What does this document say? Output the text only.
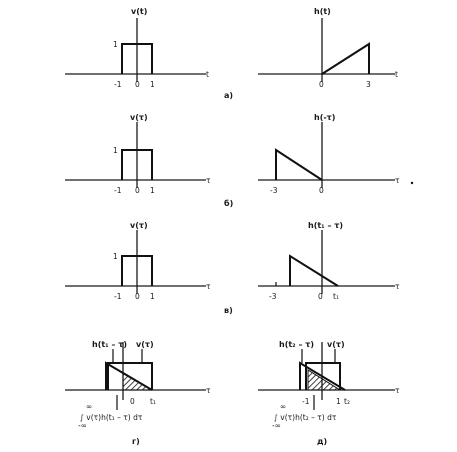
v(t)
1
t
-1 0 1
h(t)
t
0	3
a)
v(τ)
1
τ
-1 0 1
h(-τ)
τ
-3	0
б)
v(τ)
1
τ
-1 0 1
h(t₁ – τ)
τ
-3	0 t₁
в)
h(t₁ – τ) v(τ)
τ
0 t₁
∞
∫ v(τ)h(t₁ – τ) dτ
-∞
г)
h(t₂ – τ) v(τ)
τ
-1	1 t₂
∞
∫ v(τ)h(t₂ – τ) dτ
-∞
д)
